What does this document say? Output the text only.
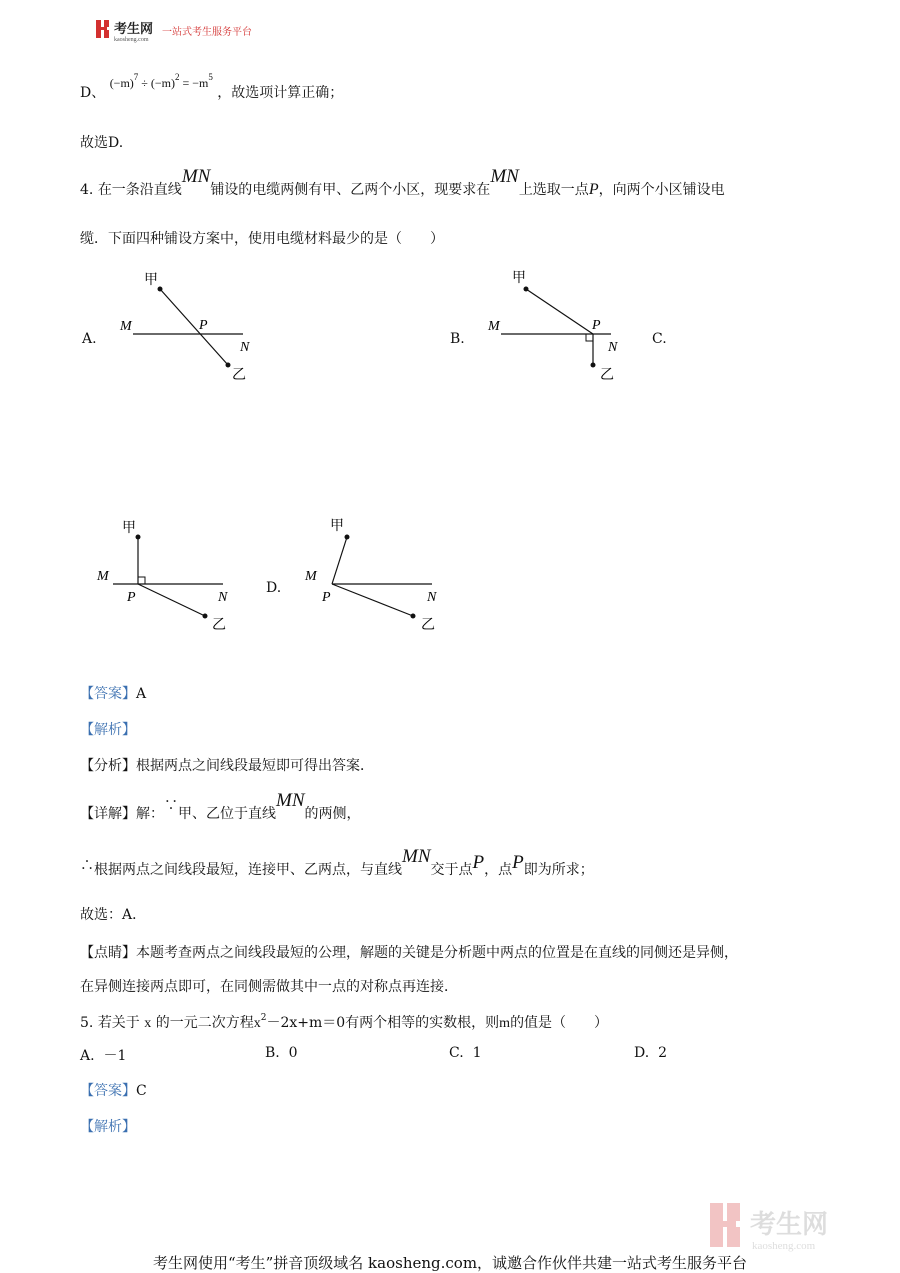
考生网
kaosheng.com
一站式考生服务平台
D、 $(-m)^7 \div (-m)^2 = -m^5$ ，故选项计算正确；
故选D.
4. 在一条沿直线MN铺设的电缆两侧有甲、乙两个小区，现要求在MN上选取一点P，向两个小区铺设电
缆．下面四种铺设方案中，使用电缆材料最少的是（　　）
A.
甲
M	P
N
乙
B.
甲
M	P
N
乙
C.
甲
M
P	N
乙
D.
甲
M
P	N
乙
【答案】A
【解析】
【分析】根据两点之间线段最短即可得出答案．
【详解】解：∵甲、乙位于直线MN的两侧，
∴根据两点之间线段最短，连接甲、乙两点，与直线MN交于点P，点P即为所求；
故选：A．
【点睛】本题考查两点之间线段最短的公理，解题的关键是分析题中两点的位置是在直线的同侧还是异侧，
在异侧连接两点即可，在同侧需做其中一点的对称点再连接．
5. 若关于 x 的一元二次方程$x^2-2x+m=0$有两个相等的实数根，则m的值是（　　）
A. －1	B. 0	C. 1	D. 2
【答案】C
【解析】
考生网
kaosheng.com
考生网使用“考生”拼音顶级域名 kaosheng.com，诚邀合作伙伴共建一站式考生服务平台
